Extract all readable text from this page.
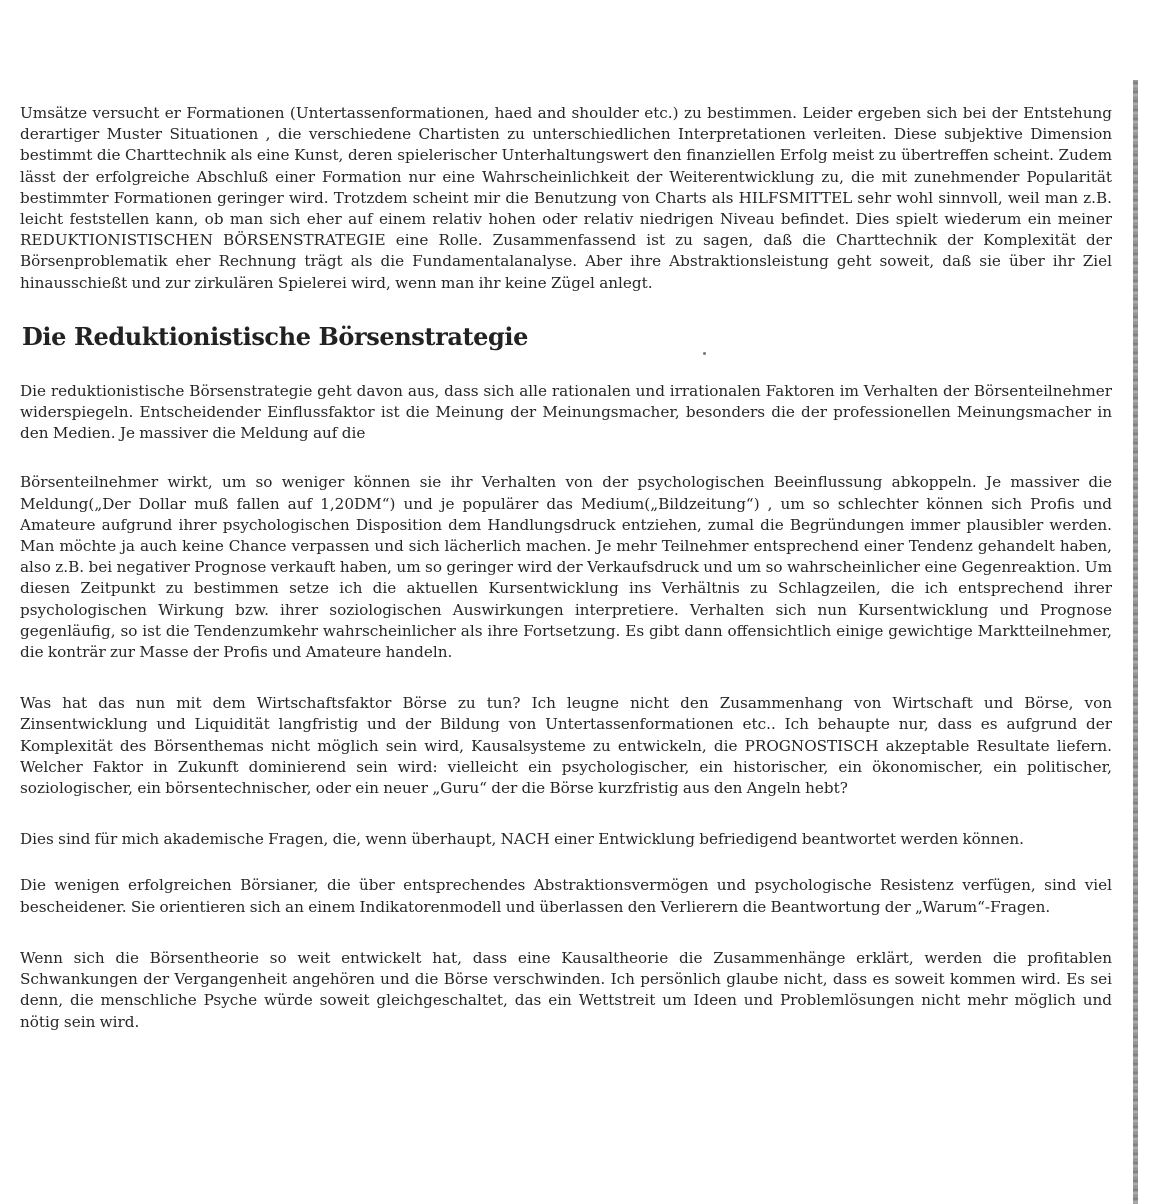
Umsätze versucht er Formationen (Untertassenformationen, haed and shoulder etc.) zu bestimmen. Leider ergeben sich bei der Entstehung derartiger Muster Situationen , die verschiedene Chartisten zu unterschiedlichen Interpretationen verleiten. Diese subjektive Dimension bestimmt die Charttechnik als eine Kunst, deren spielerischer Unterhaltungswert den finanziellen Erfolg meist zu übertreffen scheint. Zudem lässt der erfolgreiche Abschluß einer Formation nur eine Wahrscheinlichkeit der Weiterentwicklung zu, die mit zunehmender Popularität bestimmter Formationen geringer wird. Trotzdem scheint mir die Benutzung von Charts als HILFSMITTEL sehr wohl sinnvoll, weil man z.B. leicht feststellen kann, ob man sich eher auf einem relativ hohen oder relativ niedrigen Niveau befindet. Dies spielt wiederum ein meiner REDUKTIONISTISCHEN BÖRSENSTRATEGIE eine Rolle. Zusammenfassend ist zu sagen, daß die Charttechnik der Komplexität der Börsenproblematik eher Rechnung trägt als die Fundamentalanalyse. Aber ihre Abstraktionsleistung geht soweit, daß sie über ihr Ziel hinausschießt und zur zirkulären Spielerei wird, wenn man ihr keine Zügel anlegt.

Die Reduktionistische Börsenstrategie

Die reduktionistische Börsenstrategie geht davon aus, dass sich alle rationalen und irrationalen Faktoren im Verhalten der Börsenteilnehmer widerspiegeln. Entscheidender Einflussfaktor ist die Meinung der Meinungsmacher, besonders die der professionellen Meinungsmacher in den Medien. Je massiver die Meldung auf die

Börsenteilnehmer wirkt, um so weniger können sie ihr Verhalten von der psychologischen Beeinflussung abkoppeln. Je massiver die Meldung(„Der Dollar muß fallen auf 1,20DM“) und je populärer das Medium(„Bildzeitung“) , um so schlechter können sich Profis und Amateure aufgrund ihrer psychologischen Disposition dem Handlungsdruck entziehen, zumal die Begründungen immer plausibler werden. Man möchte ja auch keine Chance verpassen und sich lächerlich machen. Je mehr Teilnehmer entsprechend einer Tendenz gehandelt haben, also z.B. bei negativer Prognose verkauft haben, um so geringer wird der Verkaufsdruck und um so wahrscheinlicher eine Gegenreaktion. Um diesen Zeitpunkt zu bestimmen setze ich die aktuellen Kursentwicklung ins Verhältnis zu Schlagzeilen, die ich entsprechend ihrer psychologischen Wirkung bzw. ihrer soziologischen Auswirkungen interpretiere. Verhalten sich nun Kursentwicklung und Prognose gegenläufig, so ist die Tendenzumkehr wahrscheinlicher als ihre Fortsetzung. Es gibt dann offensichtlich einige gewichtige Marktteilnehmer, die konträr zur Masse der Profis und Amateure handeln.

Was hat das nun mit dem Wirtschaftsfaktor Börse zu tun? Ich leugne nicht den Zusammenhang von Wirtschaft und Börse, von Zinsentwicklung und Liquidität langfristig und der Bildung von Untertassenformationen etc.. Ich behaupte nur, dass es aufgrund der Komplexität des Börsenthemas nicht möglich sein wird, Kausalsysteme zu entwickeln, die PROGNOSTISCH akzeptable Resultate liefern. Welcher Faktor in Zukunft dominierend sein wird: vielleicht ein psychologischer, ein historischer, ein ökonomischer, ein politischer, soziologischer, ein börsentechnischer, oder ein neuer „Guru“ der die Börse kurzfristig aus den Angeln hebt?

Dies sind für mich akademische Fragen, die, wenn überhaupt, NACH einer Entwicklung befriedigend beantwortet werden können.

Die wenigen erfolgreichen Börsianer, die über entsprechendes Abstraktionsvermögen und psychologische Resistenz verfügen, sind viel bescheidener. Sie orientieren sich an einem Indikatorenmodell und überlassen den Verlierern die Beantwortung der „Warum“-Fragen.

Wenn sich die Börsentheorie so weit entwickelt hat, dass eine Kausaltheorie die Zusammenhänge erklärt, werden die profitablen Schwankungen der Vergangenheit angehören und die Börse verschwinden. Ich persönlich glaube nicht, dass es soweit kommen wird. Es sei denn, die menschliche Psyche würde soweit gleichgeschaltet, das ein Wettstreit um Ideen und Problemlösungen nicht mehr möglich und nötig sein wird.
